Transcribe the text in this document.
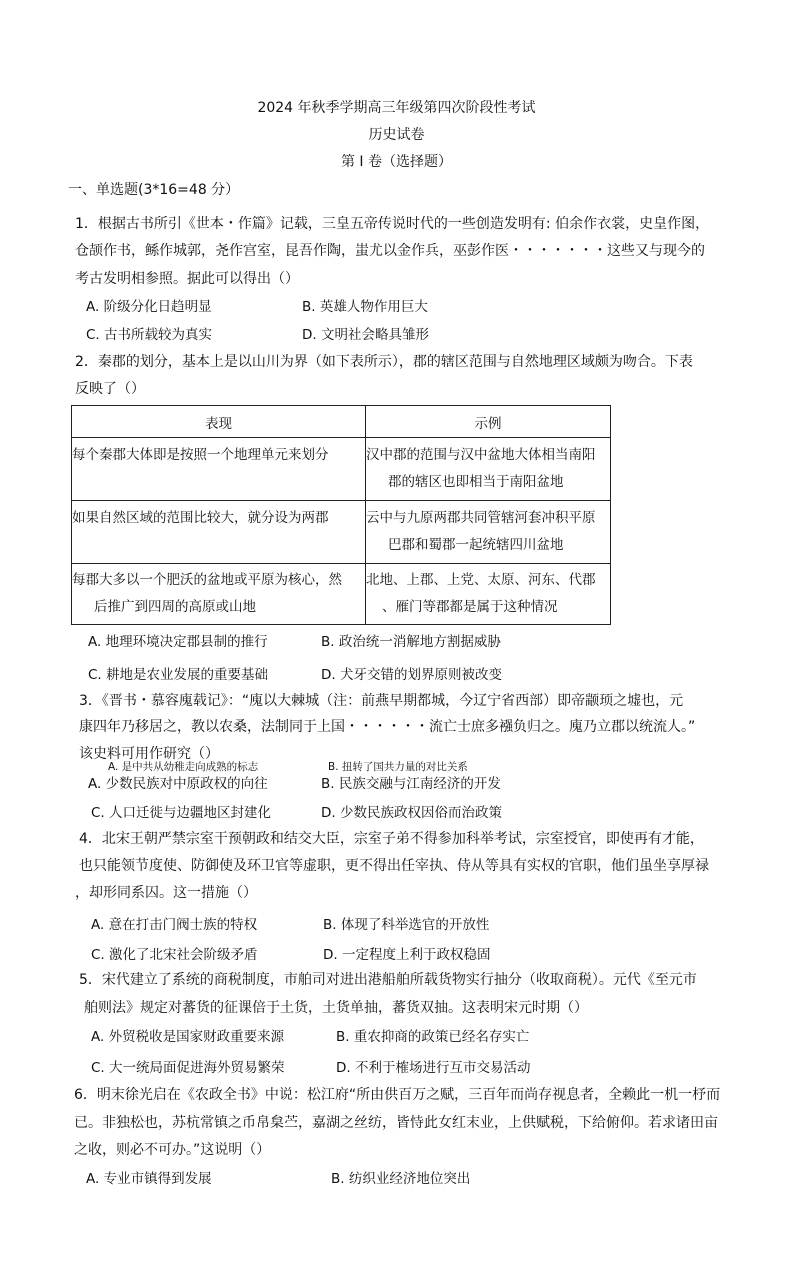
2024 年秋季学期高三年级第四次阶段性考试
历史试卷
第 I 卷（选择题）
一、单选题(3*16=48 分）
1．根据古书所引《世本・作篇》记载，三皇五帝传说时代的一些创造发明有: 伯余作衣裳，史皇作图，
仓颉作书，鲧作城郭，尧作宫室，昆吾作陶，蚩尤以金作兵，巫彭作医・・・・・・・这些又与现今的
考古发明相参照。据此可以得出（）
A. 阶级分化日趋明显	B. 英雄人物作用巨大
C. 古书所载较为真实	D. 文明社会略具雏形
2．秦郡的划分，基本上是以山川为界（如下表所示），郡的辖区范围与自然地理区域颇为吻合。下表
反映了（）
表现	示例

每个秦郡大体即是按照一个地理单元来划分	汉中郡的范围与汉中盆地大体相当南阳
郡的辖区也即相当于南阳盆地

如果自然区域的范围比较大，就分设为两郡	云中与九原两郡共同管辖河套冲积平原
巴郡和蜀郡一起统辖四川盆地

每郡大多以一个肥沃的盆地或平原为核心，然
后推广到四周的高原或山地	北地、上郡、上党、太原、河东、代郡
、雁门等郡都是属于这种情况
A. 地理环境决定郡县制的推行	B. 政治统一消解地方割据威胁
C. 耕地是农业发展的重要基础	D. 犬牙交错的划界原则被改变
3．《晋书・慕容廆载记》：“廆以大棘城（注：前燕早期都城，今辽宁省西部）即帝颛顼之墟也，元
康四年乃移居之，教以农桑，法制同于上国・・・・・・流亡士庶多襁负归之。廆乃立郡以统流人。”
该史料可用作研究（）
A. 是中共从幼稚走向成熟的标志	B. 扭转了国共力量的对比关系
A. 少数民族对中原政权的向往	B. 民族交融与江南经济的开发
C. 人口迁徙与边疆地区封建化	D. 少数民族政权因俗而治政策
4．北宋王朝严禁宗室干预朝政和结交大臣，宗室子弟不得参加科举考试，宗室授官，即使再有才能，
也只能领节度使、防御使及环卫官等虚职，更不得出任宰执、侍从等具有实权的官职，他们虽坐享厚禄
，却形同系囚。这一措施（）
A. 意在打击门阀士族的特权	B. 体现了科举选官的开放性
C. 激化了北宋社会阶级矛盾	D. 一定程度上利于政权稳固
5．宋代建立了系统的商税制度，市舶司对进出港船舶所载货物实行抽分（收取商税）。元代《至元市
舶则法》规定对蕃货的征课倍于土货，土货单抽，蕃货双抽。这表明宋元时期（）
A. 外贸税收是国家财政重要来源	B. 重农抑商的政策已经名存实亡
C. 大一统局面促进海外贸易繁荣	D. 不利于榷场进行互市交易活动
6．明末徐光启在《农政全书》中说：松江府“所由供百万之赋，三百年而尚存视息者，全赖此一机一杼而
已。非独松也，苏杭常镇之币帛枲苎，嘉湖之丝纺，皆恃此女红末业，上供赋税，下给俯仰。若求诸田亩
之收，则必不可办。”这说明（）
A. 专业市镇得到发展	B. 纺织业经济地位突出
